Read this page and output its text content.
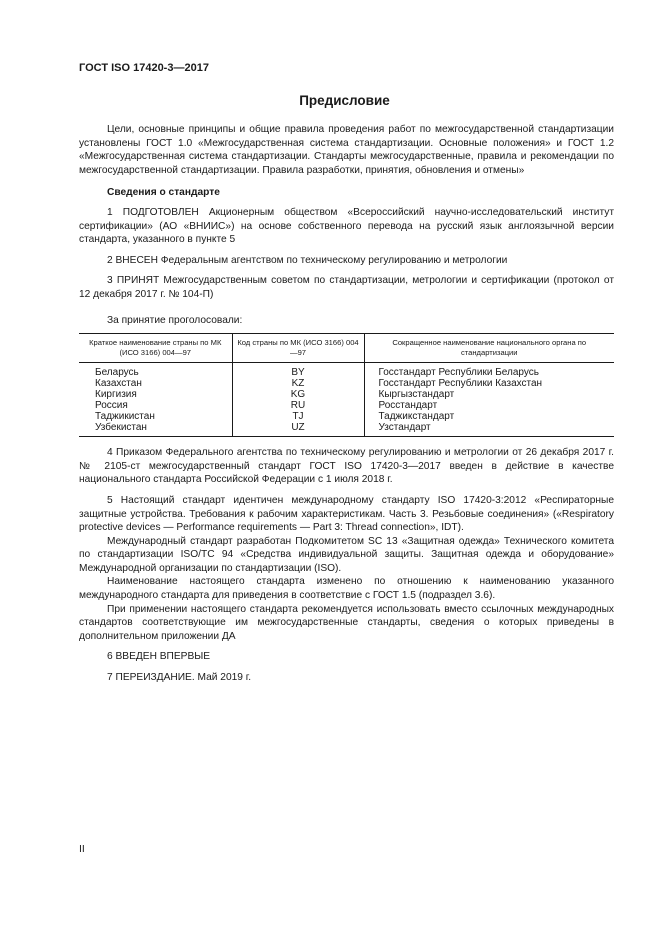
ГОСТ ISO 17420-3—2017
Предисловие

Цели, основные принципы и общие правила проведения работ по межгосударственной стандартизации установлены ГОСТ 1.0 «Межгосударственная система стандартизации. Основные положения» и ГОСТ 1.2 «Межгосударственная система стандартизации. Стандарты межгосударственные, правила и рекомендации по межгосударственной стандартизации. Правила разработки, принятия, обновления и отмены»

Сведения о стандарте

1 ПОДГОТОВЛЕН Акционерным обществом «Всероссийский научно-исследовательский институт сертификации» (АО «ВНИИС») на основе собственного перевода на русский язык англоязычной версии стандарта, указанного в пункте 5

2 ВНЕСЕН Федеральным агентством по техническому регулированию и метрологии

3 ПРИНЯТ Межгосударственным советом по стандартизации, метрологии и сертификации (протокол от 12 декабря 2017 г. № 104-П)

За принятие проголосовали:

Краткое наименование страны по МК (ИСО 3166) 004—97	Код страны по МК (ИСО 3166) 004—97	Сокращенное наименование национального органа по стандартизации
Беларусь	BY	Госстандарт Республики Беларусь
Казахстан	KZ	Госстандарт Республики Казахстан
Киргизия	KG	Кыргызстандарт
Россия	RU	Росстандарт
Таджикистан	TJ	Таджикстандарт
Узбекистан	UZ	Узстандарт

4 Приказом Федерального агентства по техническому регулированию и метрологии от 26 декабря 2017 г. № 2105-ст межгосударственный стандарт ГОСТ ISO 17420-3—2017 введен в действие в качестве национального стандарта Российской Федерации с 1 июля 2018 г.

5 Настоящий стандарт идентичен международному стандарту ISO 17420-3:2012 «Респираторные защитные устройства. Требования к рабочим характеристикам. Часть 3. Резьбовые соединения» («Respiratory protective devices — Performance requirements — Part 3: Thread connection», IDT).

Международный стандарт разработан Подкомитетом SC 13 «Защитная одежда» Технического комитета по стандартизации ISO/TC 94 «Средства индивидуальной защиты. Защитная одежда и оборудование» Международной организации по стандартизации (ISO).

Наименование настоящего стандарта изменено по отношению к наименованию указанного международного стандарта для приведения в соответствие с ГОСТ 1.5 (подраздел 3.6).

При применении настоящего стандарта рекомендуется использовать вместо ссылочных международных стандартов соответствующие им межгосударственные стандарты, сведения о которых приведены в дополнительном приложении ДА

6 ВВЕДЕН ВПЕРВЫЕ

7 ПЕРЕИЗДАНИЕ. Май 2019 г.

II
